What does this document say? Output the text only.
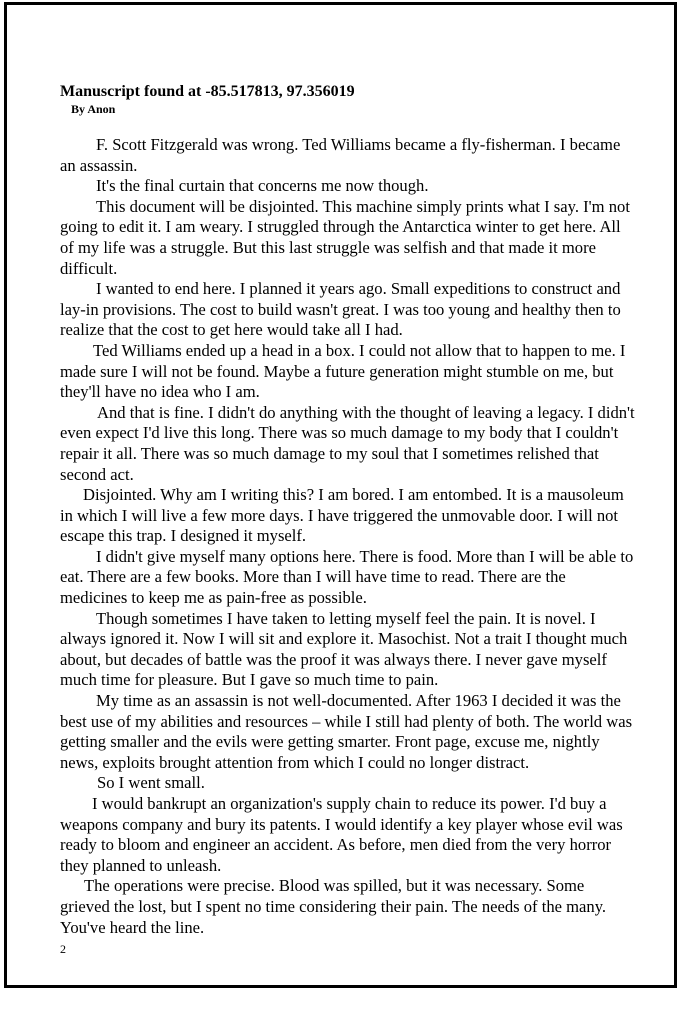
Manuscript found at -85.517813, 97.356019
By Anon

F. Scott Fitzgerald was wrong. Ted Williams became a fly-fisherman. I became an assassin.

It's the final curtain that concerns me now though.

This document will be disjointed. This machine simply prints what I say. I'm not going to edit it. I am weary. I struggled through the Antarctica winter to get here. All of my life was a struggle. But this last struggle was selfish and that made it more difficult.

I wanted to end here. I planned it years ago. Small expeditions to construct and lay-in provisions. The cost to build wasn't great. I was too young and healthy then to realize that the cost to get here would take all I had.

Ted Williams ended up a head in a box. I could not allow that to happen to me. I made sure I will not be found. Maybe a future generation might stumble on me, but they'll have no idea who I am.

And that is fine. I didn't do anything with the thought of leaving a legacy. I didn't even expect I'd live this long. There was so much damage to my body that I couldn't repair it all. There was so much damage to my soul that I sometimes relished that second act.

Disjointed. Why am I writing this? I am bored. I am entombed. It is a mausoleum in which I will live a few more days. I have triggered the unmovable door. I will not escape this trap. I designed it myself.

I didn't give myself many options here. There is food. More than I will be able to eat. There are a few books. More than I will have time to read. There are the medicines to keep me as pain-free as possible.

Though sometimes I have taken to letting myself feel the pain. It is novel. I always ignored it. Now I will sit and explore it. Masochist. Not a trait I thought much about, but decades of battle was the proof it was always there. I never gave myself much time for pleasure. But I gave so much time to pain.

My time as an assassin is not well-documented. After 1963 I decided it was the best use of my abilities and resources – while I still had plenty of both. The world was getting smaller and the evils were getting smarter. Front page, excuse me, nightly news, exploits brought attention from which I could no longer distract.

So I went small.

I would bankrupt an organization's supply chain to reduce its power. I'd buy a weapons company and bury its patents. I would identify a key player whose evil was ready to bloom and engineer an accident. As before, men died from the very horror they planned to unleash.

The operations were precise. Blood was spilled, but it was necessary. Some grieved the lost, but I spent no time considering their pain. The needs of the many. You've heard the line.

2
